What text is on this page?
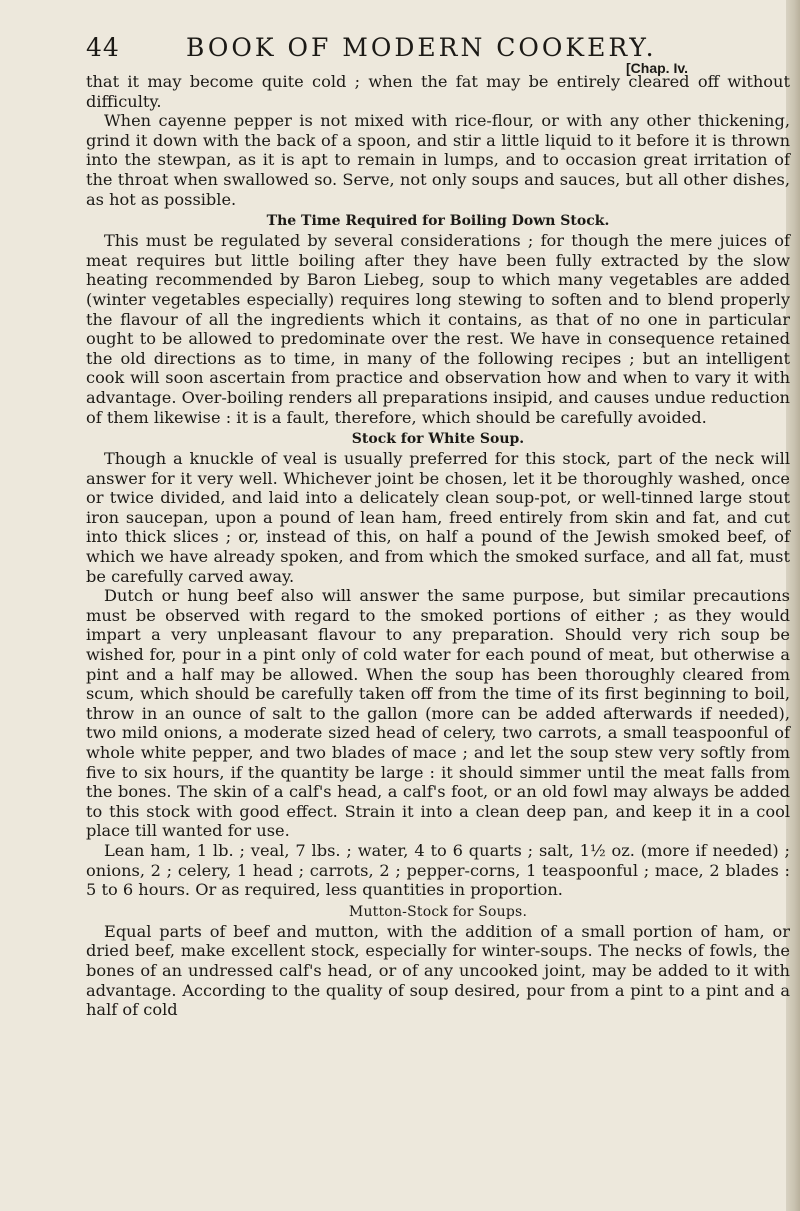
44	BOOK OF MODERN COOKERY.
[Chap. Iv.

that it may become quite cold ; when the fat may be entirely cleared off without difficulty.

When cayenne pepper is not mixed with rice-flour, or with any other thickening, grind it down with the back of a spoon, and stir a little liquid to it before it is thrown into the stewpan, as it is apt to remain in lumps, and to occasion great irritation of the throat when swallowed so. Serve, not only soups and sauces, but all other dishes, as hot as possible.

The Time Required for Boiling Down Stock.

This must be regulated by several considerations ; for though the mere juices of meat requires but little boiling after they have been fully extracted by the slow heating recommended by Baron Liebeg, soup to which many vegetables are added (winter vegetables especially) requires long stewing to soften and to blend properly the flavour of all the ingredients which it contains, as that of no one in particular ought to be allowed to predominate over the rest. We have in consequence retained the old directions as to time, in many of the following recipes ; but an intelligent cook will soon ascertain from practice and observation how and when to vary it with advantage. Over-boiling renders all preparations insipid, and causes undue reduction of them likewise : it is a fault, therefore, which should be carefully avoided.

Stock for White Soup.

Though a knuckle of veal is usually preferred for this stock, part of the neck will answer for it very well. Whichever joint be chosen, let it be thoroughly washed, once or twice divided, and laid into a delicately clean soup-pot, or well-tinned large stout iron saucepan, upon a pound of lean ham, freed entirely from skin and fat, and cut into thick slices ; or, instead of this, on half a pound of the Jewish smoked beef, of which we have already spoken, and from which the smoked surface, and all fat, must be carefully carved away.

Dutch or hung beef also will answer the same purpose, but similar precautions must be observed with regard to the smoked portions of either ; as they would impart a very unpleasant flavour to any preparation. Should very rich soup be wished for, pour in a pint only of cold water for each pound of meat, but otherwise a pint and a half may be allowed. When the soup has been thoroughly cleared from scum, which should be carefully taken off from the time of its first beginning to boil, throw in an ounce of salt to the gallon (more can be added afterwards if needed), two mild onions, a moderate sized head of celery, two carrots, a small teaspoonful of whole white pepper, and two blades of mace ; and let the soup stew very softly from five to six hours, if the quantity be large : it should simmer until the meat falls from the bones. The skin of a calf's head, a calf's foot, or an old fowl may always be added to this stock with good effect. Strain it into a clean deep pan, and keep it in a cool place till wanted for use.

Lean ham, 1 lb. ; veal, 7 lbs. ; water, 4 to 6 quarts ; salt, 1½ oz. (more if needed) ; onions, 2 ; celery, 1 head ; carrots, 2 ; pepper-corns, 1 teaspoonful ; mace, 2 blades : 5 to 6 hours. Or as required, less quantities in proportion.

Mutton-Stock for Soups.

Equal parts of beef and mutton, with the addition of a small portion of ham, or dried beef, make excellent stock, especially for winter-soups. The necks of fowls, the bones of an undressed calf's head, or of any uncooked joint, may be added to it with advantage. According to the quality of soup desired, pour from a pint to a pint and a half of cold
